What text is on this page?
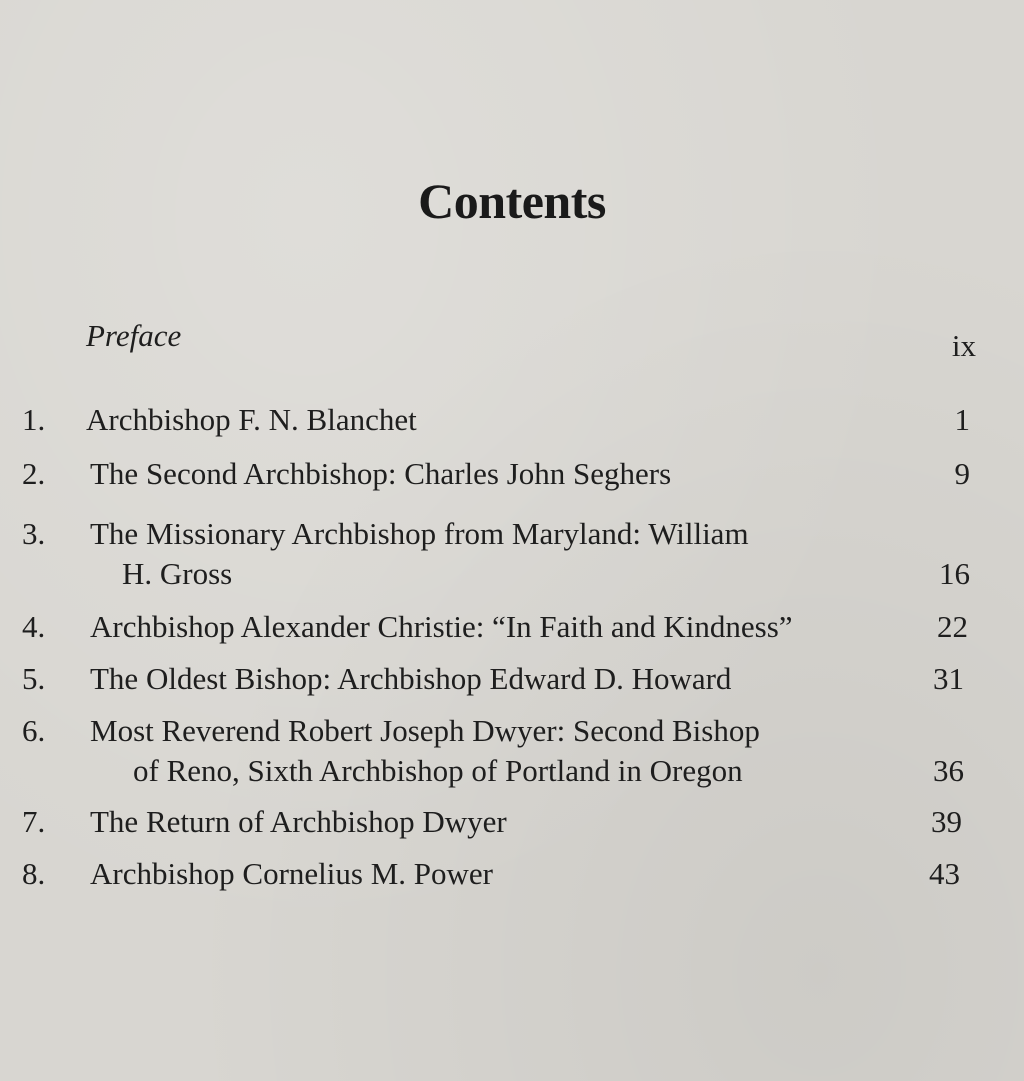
Contents
Preface	ix
1. Archbishop F. N. Blanchet	1
2. The Second Archbishop: Charles John Seghers	9
3. The Missionary Archbishop from Maryland: William
H. Gross	16
4. Archbishop Alexander Christie: “In Faith and Kindness”	22
5. The Oldest Bishop: Archbishop Edward D. Howard	31
6. Most Reverend Robert Joseph Dwyer: Second Bishop
of Reno, Sixth Archbishop of Portland in Oregon	36
7. The Return of Archbishop Dwyer	39
8. Archbishop Cornelius M. Power	43
